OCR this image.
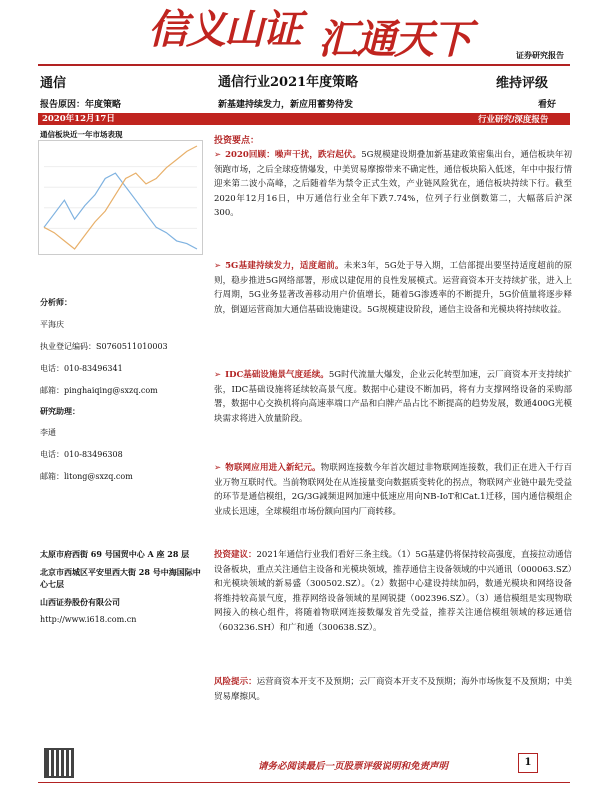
信义山证 汇通天下	证券研究报告
通信	通信行业2021年度策略	维持评级
报告原因：年度策略	新基建持续发力，新应用蓄势待发	看好
2020年12月17日	行业研究/深度报告
通信板块近一年市场表现

分析师：

平海庆

执业登记编码：S0760511010003

电话：010-83496341

邮箱：pinghaiqing@sxzq.com

研究助理：

李通

电话：010-83496308

邮箱：litong@sxzq.com

太原市府西街 69 号国贸中心 A 座 28 层

北京市西城区平安里西大街 28 号中海国际中心七层

山西证券股份有限公司

http://www.i618.com.cn

投资要点：
➢ 2020回顾：噪声干扰，跌宕起伏。5G规模建设期叠加新基建政策密集出台，通信板块年初领跑市场，之后全球疫情爆发，中美贸易摩擦带来不确定性，通信板块陷入低迷，年中中报行情迎来第二波小高峰，之后随着华为禁令正式生效，产业链风险犹在，通信板块持续下行。截至2020年12月16日，申万通信行业全年下跌7.74%，位列子行业倒数第二，大幅落后沪深300。
➢ 5G基建持续发力，适度超前。未来3年，5G处于导入期，工信部提出要坚持适度超前的原则，稳步推进5G网络部署，形成以建促用的良性发展模式。运营商资本开支持续扩张，进入上行周期，5G业务显著改善移动用户价值增长，随着5G渗透率的不断提升，5G价值量将逐步释放，倒逼运营商加大通信基础设施建设。5G规模建设阶段，通信主设备和光模块将持续收益。
➢ IDC基础设施景气度延续。5G时代流量大爆发，企业云化转型加速，云厂商资本开支持续扩张，IDC基础设施将延续较高景气度。数据中心建设不断加码，将有力支撑网络设备的采购部署，数据中心交换机将向高速率端口产品和白牌产品占比不断提高的趋势发展，数通400G光模块需求将进入放量阶段。
➢ 物联网应用进入新纪元。物联网连接数今年首次超过非物联网连接数，我们正在进入千行百业万物互联时代。当前物联网处在从连接量变向数据质变转化的拐点，物联网产业链中最先受益的环节是通信模组，2G/3G减频退网加速中低速应用向NB-IoT和Cat.1迁移，国内通信模组企业成长迅速，全球模组市场份额向国内厂商转移。
投资建议：2021年通信行业我们看好三条主线。（1）5G基建仍将保持较高强度，直接拉动通信设备板块，重点关注通信主设备和光模块领域，推荐通信主设备领域的中兴通讯（000063.SZ）和光模块领域的新易盛（300502.SZ）。（2）数据中心建设持续加码，数通光模块和网络设备将维持较高景气度，推荐网络设备领域的星网锐捷（002396.SZ）。（3）通信模组是实现物联网接入的核心组件，将随着物联网连接数爆发首先受益，推荐关注通信模组领域的移远通信（603236.SH）和广和通（300638.SZ）。
风险提示：运营商资本开支不及预期；云厂商资本开支不及预期；海外市场恢复不及预期；中美贸易摩擦风。
请务必阅读最后一页股票评级说明和免责声明	1
